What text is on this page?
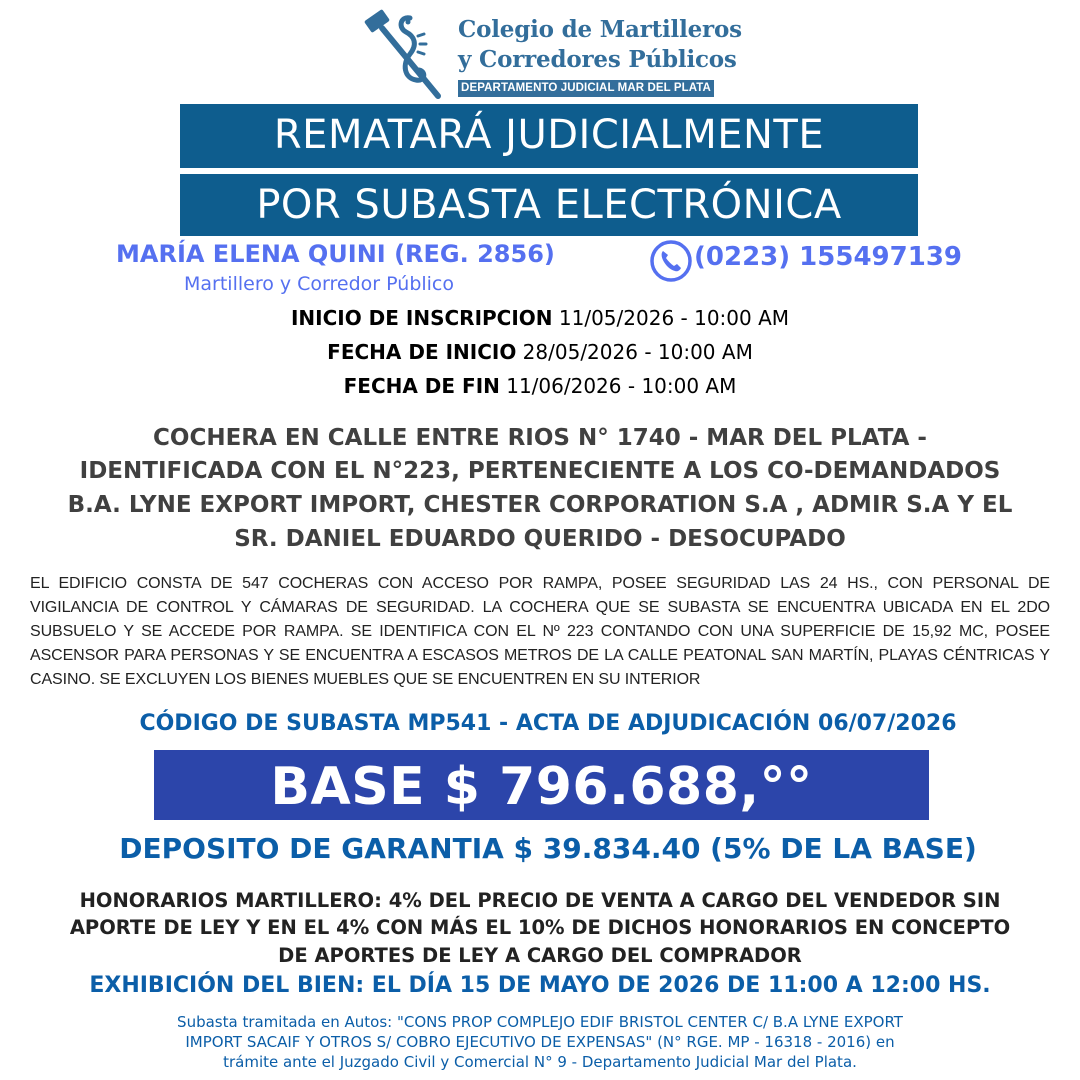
Colegio de Martilleros
y Corredores Públicos
DEPARTAMENTO JUDICIAL MAR DEL PLATA
REMATARÁ JUDICIALMENTE
POR SUBASTA ELECTRÓNICA
MARÍA ELENA QUINI (REG. 2856)
Martillero y Corredor Público
(0223) 155497139
INICIO DE INSCRIPCION 11/05/2026 - 10:00 AM
FECHA DE INICIO 28/05/2026 - 10:00 AM
FECHA DE FIN 11/06/2026 - 10:00 AM
COCHERA EN CALLE ENTRE RIOS N° 1740 - MAR DEL PLATA -
IDENTIFICADA CON EL N°223, PERTENECIENTE A LOS CO-DEMANDADOS
B.A. LYNE EXPORT IMPORT, CHESTER CORPORATION S.A , ADMIR S.A Y EL
SR. DANIEL EDUARDO QUERIDO - DESOCUPADO
EL EDIFICIO CONSTA DE 547 COCHERAS CON ACCESO POR RAMPA, POSEE SEGURIDAD LAS 24 HS., CON PERSONAL DE VIGILANCIA DE CONTROL Y CÁMARAS DE SEGURIDAD. LA COCHERA QUE SE SUBASTA SE ENCUENTRA UBICADA EN EL 2DO SUBSUELO Y SE ACCEDE POR RAMPA. SE IDENTIFICA CON EL Nº 223 CONTANDO CON UNA SUPERFICIE DE 15,92 MC, POSEE ASCENSOR PARA PERSONAS Y SE ENCUENTRA A ESCASOS METROS DE LA CALLE PEATONAL SAN MARTÍN, PLAYAS CÉNTRICAS Y CASINO. SE EXCLUYEN LOS BIENES MUEBLES QUE SE ENCUENTREN EN SU INTERIOR
CÓDIGO DE SUBASTA MP541 - ACTA DE ADJUDICACIÓN 06/07/2026
BASE $ 796.688,°°
DEPOSITO DE GARANTIA $ 39.834.40 (5% DE LA BASE)
HONORARIOS MARTILLERO: 4% DEL PRECIO DE VENTA A CARGO DEL VENDEDOR SIN
APORTE DE LEY Y EN EL 4% CON MÁS EL 10% DE DICHOS HONORARIOS EN CONCEPTO
DE APORTES DE LEY A CARGO DEL COMPRADOR
EXHIBICIÓN DEL BIEN: EL DÍA 15 DE MAYO DE 2026 DE 11:00 A 12:00 HS.
Subasta tramitada en Autos: "CONS PROP COMPLEJO EDIF BRISTOL CENTER C/ B.A LYNE EXPORT
IMPORT SACAIF Y OTROS S/ COBRO EJECUTIVO DE EXPENSAS" (N° RGE. MP - 16318 - 2016) en
trámite ante el Juzgado Civil y Comercial N° 9 - Departamento Judicial Mar del Plata.
